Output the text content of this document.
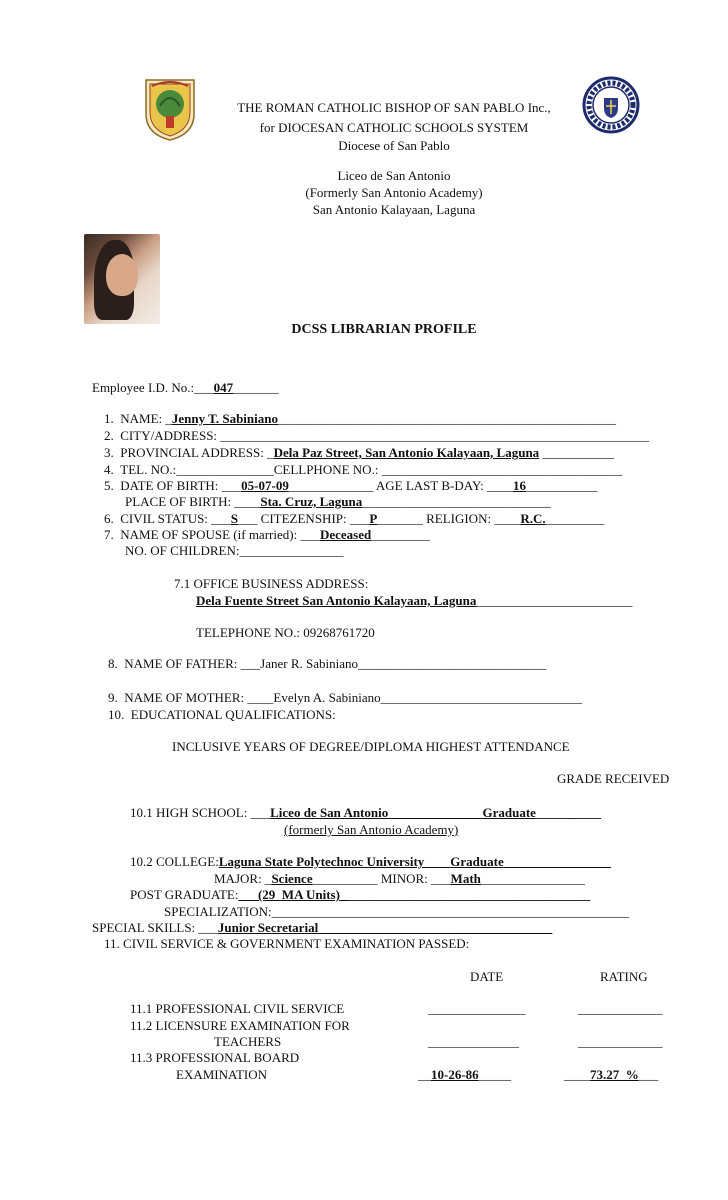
THE ROMAN CATHOLIC BISHOP OF SAN PABLO Inc.,
for DIOCESAN CATHOLIC SCHOOLS SYSTEM
Diocese of San Pablo
Liceo de San Antonio
(Formerly San Antonio Academy)
San Antonio Kalayaan, Laguna
DCSS LIBRARIAN PROFILE
Employee I.D. No.:___047_______
1. NAME: _Jenny T. Sabiniano____________________________________________________
2. CITY/ADDRESS: __________________________________________________________________
3. PROVINCIAL ADDRESS: _Dela Paz Street, San Antonio Kalayaan, Laguna ___________
4. TEL. NO.:_______________CELLPHONE NO.: _____________________________________
5. DATE OF BIRTH: ___05-07-09_____________ AGE LAST B-DAY: ____16___________
PLACE OF BIRTH: ____Sta. Cruz, Laguna_____________________________
6. CIVIL STATUS: ___S___ CITEZENSHIP: ___P_______ RELIGION: ____R.C._________
7. NAME OF SPOUSE (if married): ___Deceased_________
NO. OF CHILDREN:________________
7.1 OFFICE BUSINESS ADDRESS:
Dela Fuente Street San Antonio Kalayaan, Laguna________________________
TELEPHONE NO.: 09268761720
8. NAME OF FATHER: ___Janer R. Sabiniano_____________________________
9. NAME OF MOTHER: ____Evelyn A. Sabiniano_______________________________
10. EDUCATIONAL QUALIFICATIONS:
INCLUSIVE YEARS OF DEGREE/DIPLOMA HIGHEST ATTENDANCE
GRADE RECEIVED
10.1 HIGH SCHOOL: ___Liceo de San Antonio	Graduate__________
(formerly San Antonio Academy)
10.2 COLLEGE:Laguna State Polytechnoc University Graduate                 ________
MAJOR: _Science__________ MINOR: ___Math________________
POST GRADUATE:___(29_MA Units)_ _____________________________________
SPECIALIZATION:_______________________________________________________
SPECIAL SKILLS: ___Junior Secretarial                                          _______________
11. CIVIL SERVICE & GOVERNMENT EXAMINATION PASSED:
DATE	RATING
11.1 PROFESSIONAL CIVIL SERVICE	_______________	_____________
11.2 LICENSURE EXAMINATION FOR
TEACHERS	______________	_____________
11.3 PROFESSIONAL BOARD
EXAMINATION	__10-26-86_____	____73.27_%___
